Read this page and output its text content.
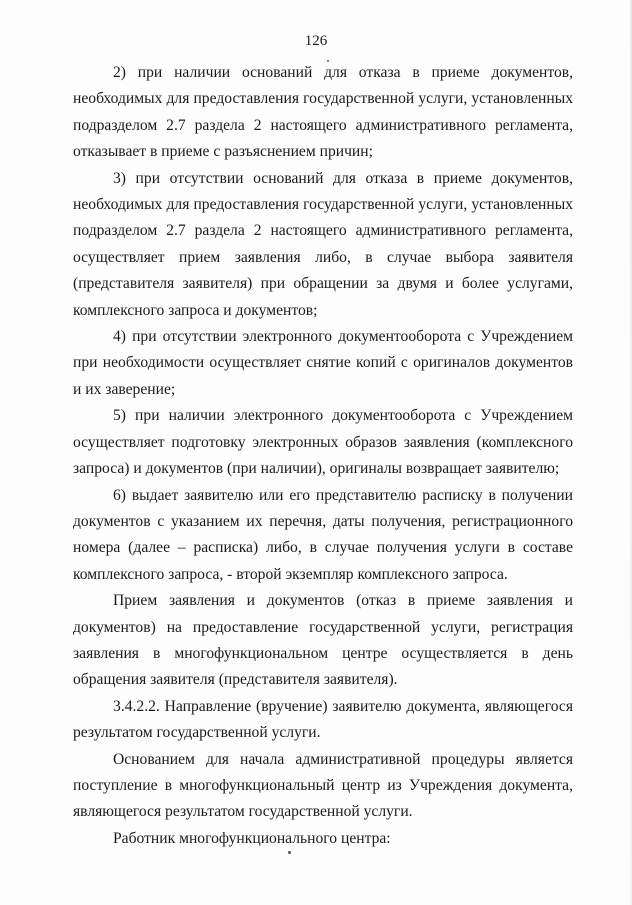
126

2) при наличии оснований для отказа в приеме документов, необходимых для предоставления государственной услуги, установленных подразделом 2.7 раздела 2 настоящего административного регламента, отказывает в приеме с разъяснением причин;

3) при отсутствии оснований для отказа в приеме документов, необходимых для предоставления государственной услуги, установленных подразделом 2.7 раздела 2 настоящего административного регламента, осуществляет прием заявления либо, в случае выбора заявителя (представителя заявителя) при обращении за двумя и более услугами, комплексного запроса и документов;

4) при отсутствии электронного документооборота с Учреждением при необходимости осуществляет снятие копий с оригиналов документов и их заверение;

5) при наличии электронного документооборота с Учреждением осуществляет подготовку электронных образов заявления (комплексного запроса) и документов (при наличии), оригиналы возвращает заявителю;

6) выдает заявителю или его представителю расписку в получении документов с указанием их перечня, даты получения, регистрационного номера (далее – расписка) либо, в случае получения услуги в составе комплексного запроса, - второй экземпляр комплексного запроса.

Прием заявления и документов (отказ в приеме заявления и документов) на предоставление государственной услуги, регистрация заявления в многофункциональном центре осуществляется в день обращения заявителя (представителя заявителя).

3.4.2.2. Направление (вручение) заявителю документа, являющегося результатом государственной услуги.

Основанием для начала административной процедуры является поступление в многофункциональный центр из Учреждения документа, являющегося результатом государственной услуги.

Работник многофункционального центра:
